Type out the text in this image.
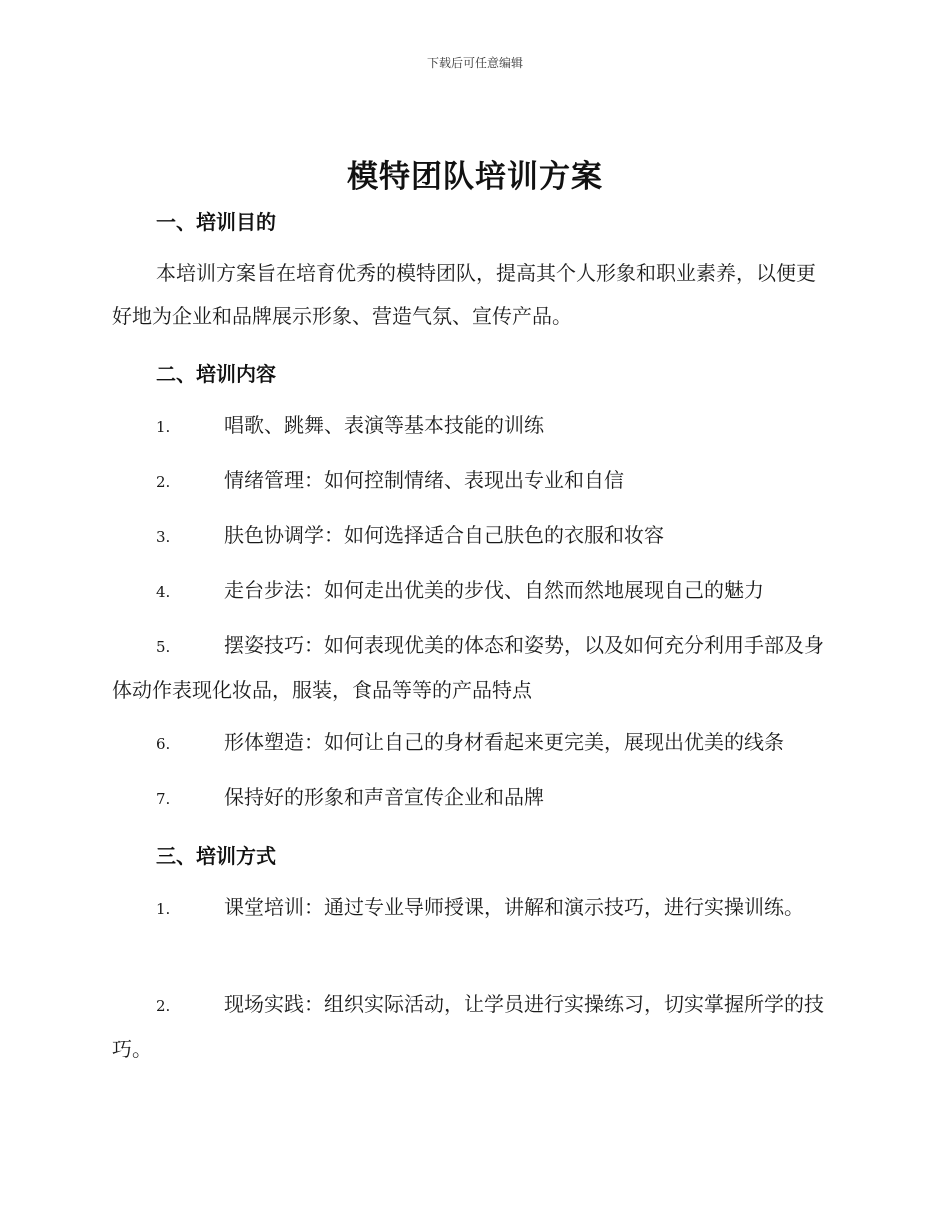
下载后可任意编辑
模特团队培训方案
一、培训目的
本培训方案旨在培育优秀的模特团队，提高其个人形象和职业素养，以便更好地为企业和品牌展示形象、营造气氛、宣传产品。
二、培训内容
1.	唱歌、跳舞、表演等基本技能的训练
2.	情绪管理：如何控制情绪、表现出专业和自信
3.	肤色协调学：如何选择适合自己肤色的衣服和妆容
4.	走台步法：如何走出优美的步伐、自然而然地展现自己的魅力
5.	摆姿技巧：如何表现优美的体态和姿势，以及如何充分利用手部及身体动作表现化妆品，服装，食品等等的产品特点
6.	形体塑造：如何让自己的身材看起来更完美，展现出优美的线条
7.	保持好的形象和声音宣传企业和品牌
三、培训方式
1.	课堂培训：通过专业导师授课，讲解和演示技巧，进行实操训练。
2.	现场实践：组织实际活动，让学员进行实操练习，切实掌握所学的技巧。
